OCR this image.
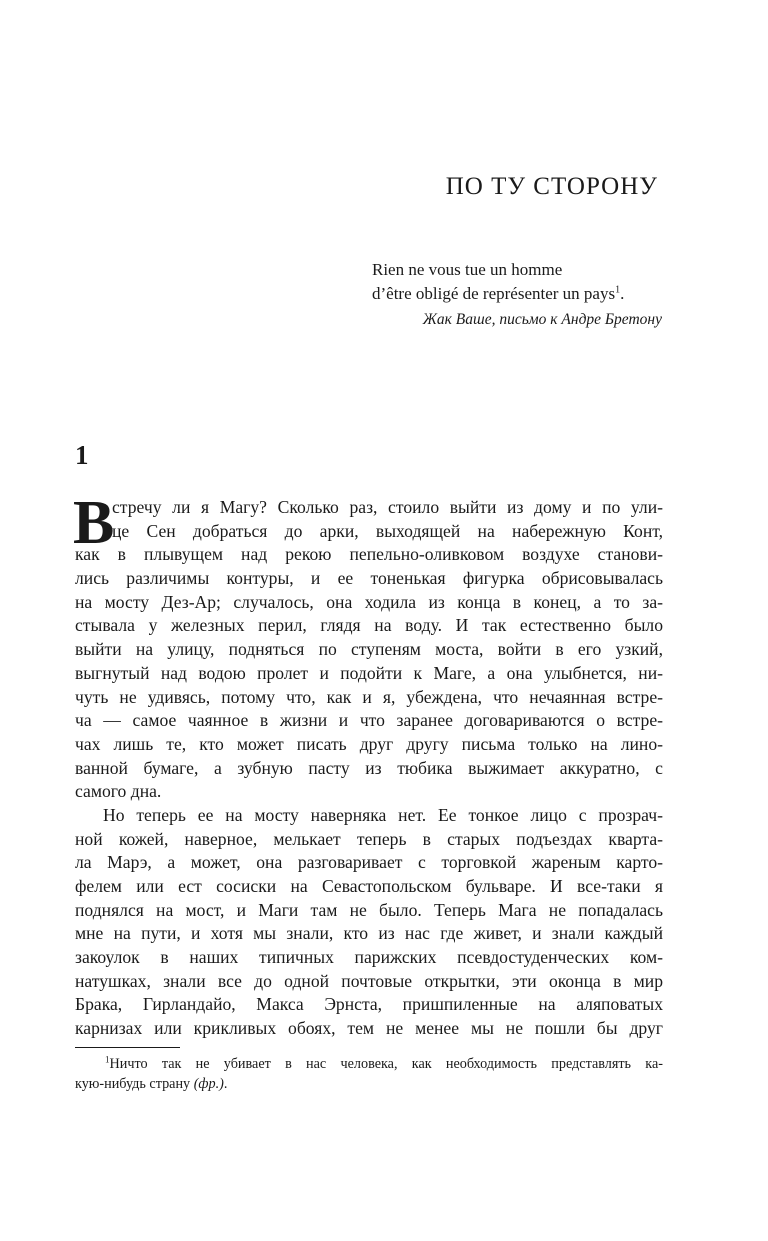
ПО ТУ СТОРОНУ
Rien ne vous tue un homme
d’être obligé de représenter un pays$^1$.
Жак Ваше, письмо к Андре Бретону
1
В
стречу ли я Магу? Сколько раз, стоило выйти из дому и по ули-
це Сен добраться до арки, выходящей на набережную Конт,
как в плывущем над рекою пепельно-оливковом воздухе станови-
лись различимы контуры, и ее тоненькая фигурка обрисовывалась
на мосту Дез-Ар; случалось, она ходила из конца в конец, а то за-
стывала у железных перил, глядя на воду. И так естественно было
выйти на улицу, подняться по ступеням моста, войти в его узкий,
выгнутый над водою пролет и подойти к Маге, а она улыбнется, ни-
чуть не удивясь, потому что, как и я, убеждена, что нечаянная встре-
ча — самое чаянное в жизни и что заранее договариваются о встре-
чах лишь те, кто может писать друг другу письма только на лино-
ванной бумаге, а зубную пасту из тюбика выжимает аккуратно, с
самого дна.
Но теперь ее на мосту наверняка нет. Ее тонкое лицо с прозрач-
ной кожей, наверное, мелькает теперь в старых подъездах кварта-
ла Марэ, а может, она разговаривает с торговкой жареным карто-
фелем или ест сосиски на Севастопольском бульваре. И все-таки я
поднялся на мост, и Маги там не было. Теперь Мага не попадалась
мне на пути, и хотя мы знали, кто из нас где живет, и знали каждый
закоулок в наших типичных парижских псевдостуденческих ком-
натушках, знали все до одной почтовые открытки, эти оконца в мир
Брака, Гирландайо, Макса Эрнста, пришпиленные на аляповатых
карнизах или крикливых обоях, тем не менее мы не пошли бы друг
$^1$Ничто так не убивает в нас человека, как необходимость представлять ка-
кую-нибудь страну (фр.).
